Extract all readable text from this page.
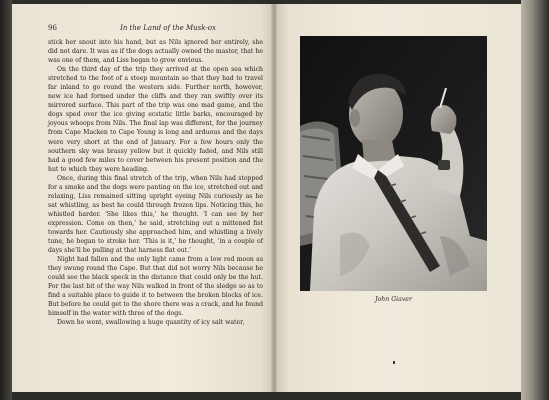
96	In the Land of the Musk-ox

stick her snout into his hand, but as Nils ignored her entirely, she did not dare. It was as if the dogs actually owned the master, that he was one of them, and Liss began to grow envious.

On the third day of the trip they arrived at the open sea which stretched to the foot of a steep mountain so that they had to travel far inland to go round the western side. Further north, however, new ice had formed under the cliffs and they ran swiftly over its mirrored surface. This part of the trip was one mad game, and the dogs sped over the ice giving ecstatic little barks, encouraged by joyous whoops from Nils. The final lap was different, for the journey from Cape Macken to Cape Young is long and arduous and the days were very short at the end of January. For a few hours only the southern sky was brassy yellow but it quickly faded, and Nils still had a good few miles to cover between his present position and the hut to which they were heading.

Once, during this final stretch of the trip, when Nils had stopped for a smoke and the dogs were panting on the ice, stretched out and relaxing, Liss remained sitting upright eyeing Nils curiously as he sat whistling, as best he could through frozen lips. Noticing this, he whistled harder. ‘She likes this,’ he thought. ‘I can see by her expression. Come on then,’ he said, stretching out a mittened fist towards her. Cautiously she approached him, and whistling a lively tune, he began to stroke her. ‘This is it,’ he thought, ‘in a couple of days she’ll be pulling at that harness flat out.’

Night had fallen and the only light came from a low red moon as they swung round the Cape. But that did not worry Nils because he could see the black speck in the distance that could only be the hut. For the last bit of the way Nils walked in front of the sledge so as to find a suitable place to guide it to between the broken blocks of ice. But before he could get to the shore there was a crack, and he found himself in the water with three of the dogs.

Down he went, swallowing a huge quantity of icy salt water,

John Giaver
